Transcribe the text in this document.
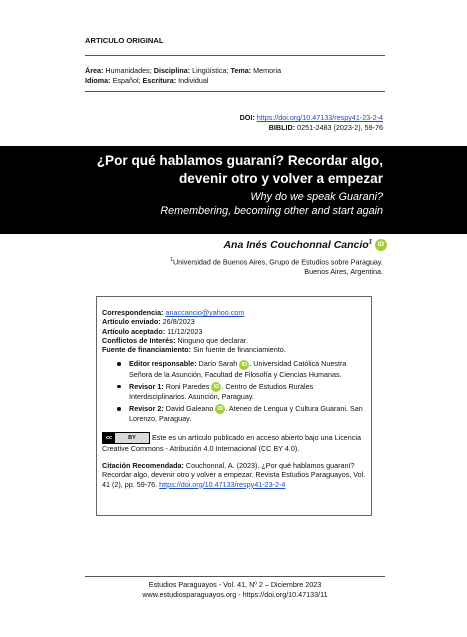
ARTICULO ORIGINAL
Área: Humanidades; Disciplina: Lingüística; Tema: Memoria
Idioma: Español; Escritura: Individual
DOI: https://doi.org/10.47133/respy41-23-2-4
BIBLID: 0251-2483 (2023-2), 59-76
¿Por qué hablamos guaraní? Recordar algo,
devenir otro y volver a empezar
Why do we speak Guarani?
Remembering, becoming other and start again
Ana Inés Couchonnal Cancio$^1$ iD
$^1$Universidad de Buenos Aires, Grupo de Estudios sobre Paraguay.
Buenos Aires, Argentina.
Correspondencia: anaccancio@yahoo.com
Artículo enviado: 26/8/2023
Artículo aceptado: 11/12/2023
Conflictos de Interés: Ninguno que declarar.
Fuente de financiamiento: Sin fuente de financiamiento.
Editor responsable: Darío Sarah iD . Universidad Católica Nuestra Señora de la Asunción, Facultad de Filosofía y Ciencias Humanas.
Revisor 1: Roni Paredes iD . Centro de Estudios Rurales Interdisciplinarios. Asunción, Paraguay.
Revisor 2: David Galeano iD . Ateneo de Lengua y Cultura Guarani. San Lorenzo, Paraguay.
cc	BY	Este es un artículo publicado en acceso abierto bajo una Licencia Creative Commons - Atribución 4.0 Internacional (CC BY 4.0).
Citación Recomendada: Couchonnal, A. (2023). ¿Por qué hablamos guaraní? Recordar algo, devenir otro y volver a empezar. Revista Estudios Paraguayos, Vol. 41 (2), pp. 59-76. https://doi.org/10.47133/respy41-23-2-4
Estudios Paraguayos - Vol. 41, Nº 2 – Diciembre 2023
www.estudiosparaguayos.org - https://doi.org/10.47133/11
